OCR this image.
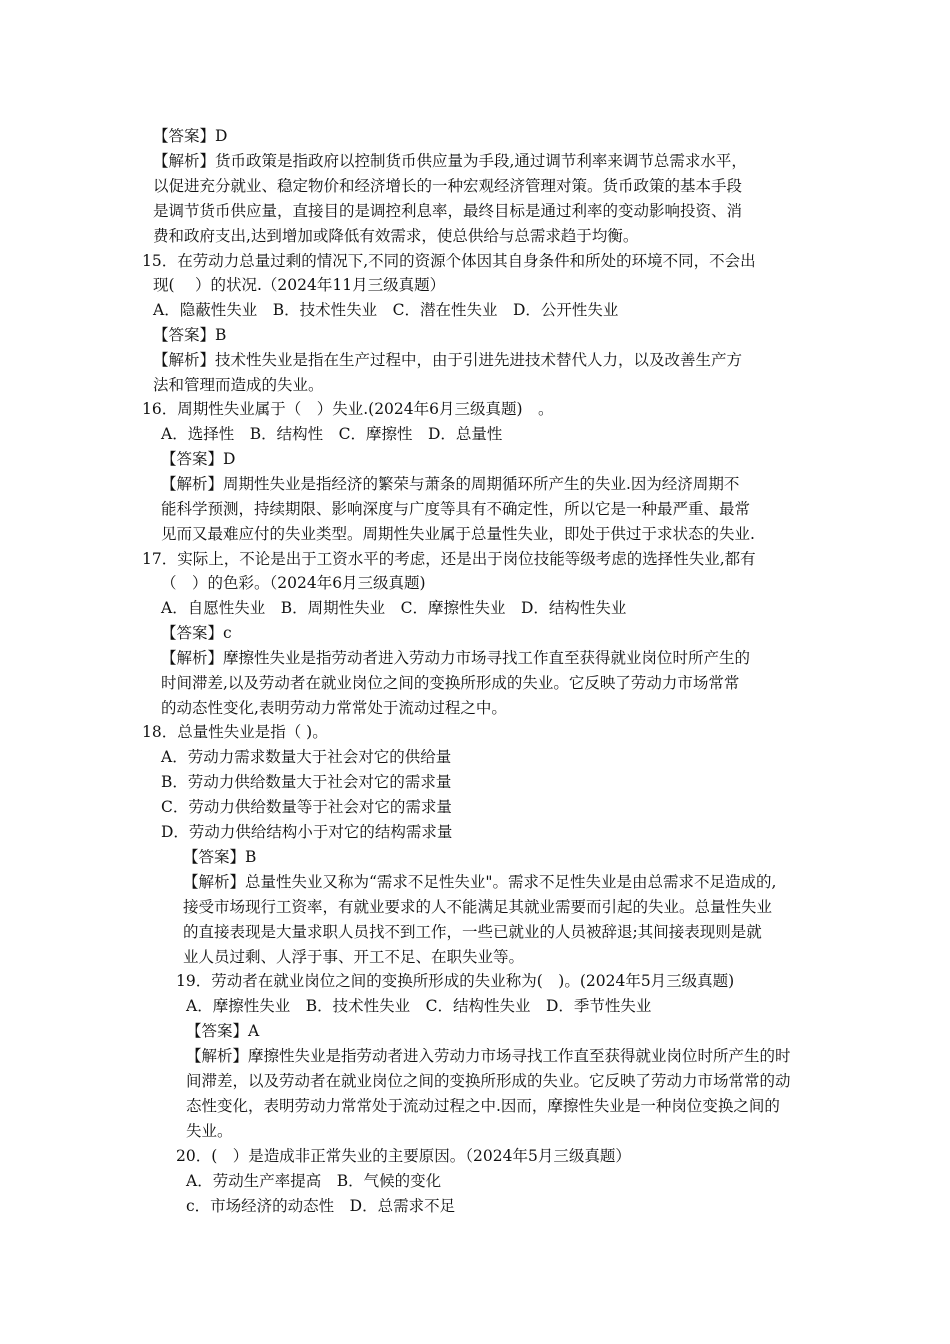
【答案】D

【解析】货币政策是指政府以控制货币供应量为手段,通过调节利率来调节总需求水平，

以促进充分就业、稳定物价和经济增长的一种宏观经济管理对策。货币政策的基本手段

是调节货币供应量，直接目的是调控利息率，最终目标是通过利率的变动影响投资、消

费和政府支出,达到增加或降低有效需求，使总供给与总需求趋于均衡。

15．在劳动力总量过剩的情况下,不同的资源个体因其自身条件和所处的环境不同，不会出

现(　 ）的状况.（2024年11月三级真题）

A．隐蔽性失业　B．技术性失业　C．潜在性失业　D．公开性失业

【答案】B

【解析】技术性失业是指在生产过程中，由于引进先进技术替代人力，以及改善生产方

法和管理而造成的失业。

16．周期性失业属于（　）失业.(2024年6月三级真题)　。

A．选择性　B．结构性　C．摩擦性　D．总量性

【答案】D

【解析】周期性失业是指经济的繁荣与萧条的周期循环所产生的失业.因为经济周期不

能科学预测，持续期限、影响深度与广度等具有不确定性，所以它是一种最严重、最常

见而又最难应付的失业类型。周期性失业属于总量性失业，即处于供过于求状态的失业.

17．实际上，不论是出于工资水平的考虑，还是出于岗位技能等级考虑的选择性失业,都有

（　）的色彩。（2024年6月三级真题)

A．自愿性失业　B．周期性失业　C．摩擦性失业　D．结构性失业

【答案】c

【解析】摩擦性失业是指劳动者进入劳动力市场寻找工作直至获得就业岗位时所产生的

时间滞差,以及劳动者在就业岗位之间的变换所形成的失业。它反映了劳动力市场常常

的动态性变化,表明劳动力常常处于流动过程之中。

18．总量性失业是指（ )。

A．劳动力需求数量大于社会对它的供给量

B．劳动力供给数量大于社会对它的需求量

C．劳动力供给数量等于社会对它的需求量

D．劳动力供给结构小于对它的结构需求量

【答案】B

【解析】总量性失业又称为“需求不足性失业"。需求不足性失业是由总需求不足造成的,

接受市场现行工资率，有就业要求的人不能满足其就业需要而引起的失业。总量性失业

的直接表现是大量求职人员找不到工作，一些已就业的人员被辞退;其间接表现则是就

业人员过剩、人浮于事、开工不足、在职失业等。

19．劳动者在就业岗位之间的变换所形成的失业称为(　)。(2024年5月三级真题)

A．摩擦性失业　B．技术性失业　C．结构性失业　D．季节性失业

【答案】A

【解析】摩擦性失业是指劳动者进入劳动力市场寻找工作直至获得就业岗位时所产生的时

间滞差，以及劳动者在就业岗位之间的变换所形成的失业。它反映了劳动力市场常常的动

态性变化，表明劳动力常常处于流动过程之中.因而，摩擦性失业是一种岗位变换之间的

失业。

20．(　）是造成非正常失业的主要原因。（2024年5月三级真题）

A．劳动生产率提高　B．气候的变化

c．市场经济的动态性　D．总需求不足
